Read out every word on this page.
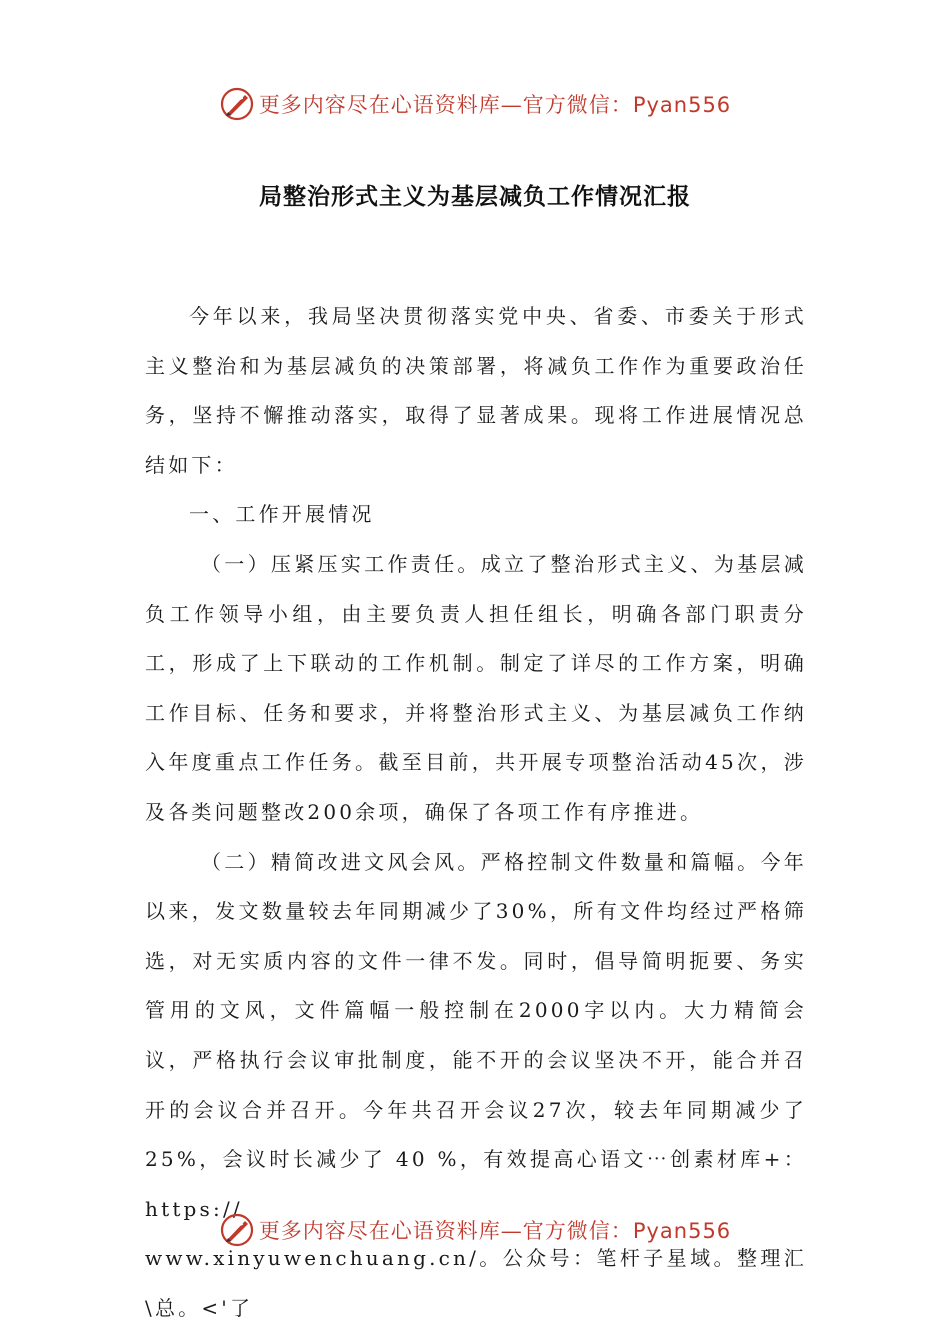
更多内容尽在心语资料库—官方微信：Pyan556
局整治形式主义为基层减负工作情况汇报

今年以来，我局坚决贯彻落实党中央、省委、市委关于形式主义整治和为基层减负的决策部署，将减负工作作为重要政治任务，坚持不懈推动落实，取得了显著成果。现将工作进展情况总结如下：

一、工作开展情况

（一）压紧压实工作责任。成立了整治形式主义、为基层减负工作领导小组，由主要负责人担任组长，明确各部门职责分工，形成了上下联动的工作机制。制定了详尽的工作方案，明确工作目标、任务和要求，并将整治形式主义、为基层减负工作纳入年度重点工作任务。截至目前，共开展专项整治活动45次，涉及各类问题整改200余项，确保了各项工作有序推进。

（二）精简改进文风会风。严格控制文件数量和篇幅。今年以来，发文数量较去年同期减少了30%，所有文件均经过严格筛选，对无实质内容的文件一律不发。同时，倡导简明扼要、务实管用的文风，文件篇幅一般控制在2000字以内。大力精简会议，严格执行会议审批制度，能不开的会议坚决不开，能合并召开的会议合并召开。今年共召开会议27次，较去年同期减少了25%，会议时长减少了 40 %，有效提高心语文⋯创素材库+：https://

www.xinyuwenchuang.cn/。公众号：笔杆子星域。整理汇\总。<'了

更多内容尽在心语资料库—官方微信：Pyan556
